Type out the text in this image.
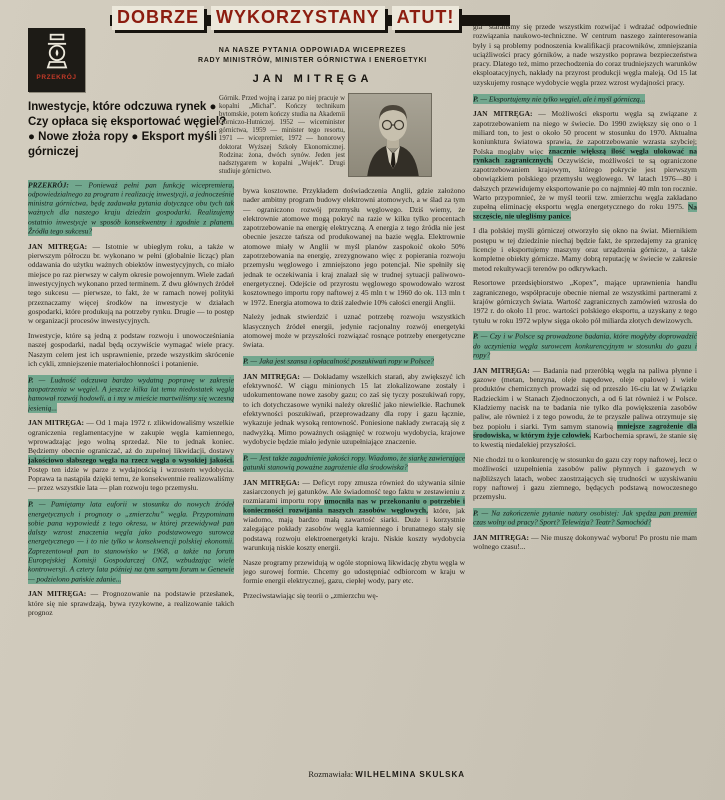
DOBRZE WYKORZYSTANY ATUT!
NA NASZE PYTANIA ODPOWIADA WICEPREZES
RADY MINISTRÓW, MINISTER GÓRNICTWA I ENERGETYKI
JAN MITRĘGA
PRZEKRÓJ
Górnik. Przed wojną i zaraz po niej pracuje w kopalni „Michał”. Kończy technikum bytomskie, potem kończy studia na Akademii Górniczo-Hutniczej. 1952 — wiceminister górnictwa, 1959 — minister tego resortu, 1971 — wicepremier, 1972 — honorowy doktorat Wyższej Szkoły Ekonomicznej. Rodzina: żona, dwóch synów. Jeden jest nadsztygarem w kopalni „Wujek”. Drugi studiuje górnictwo.

Inwestycje, które odczuwa rynek ● Czy opłaca się eksportować węgiel? ● Nowe złoża ropy ● Eksport myśli górniczej

PRZEKRÓJ: — Ponieważ pełni pan funkcję wicepremiera, odpowiedzialnego za program i realizację inwestycji, a jednocześnie ministra górnictwa, będę zadawała pytania dotyczące obu tych tak ważnych dla naszego kraju dziedzin gospodarki. Realizujemy ostatnio inwestycje w sposób konsekwentny i zgodnie z planem. Źródła tego sukcesu?

JAN MITRĘGA: — Istotnie w ubiegłym roku, a także w pierwszym półroczu br. wykonano w pełni (globalnie licząc) plan oddawania do użytku ważnych obiektów inwestycyjnych, co miało miejsce po raz pierwszy w całym okresie powojennym. Wiele zadań inwestycyjnych wykonano przed terminem. Z dwu głównych źródeł tego sukcesu — pierwsze, to fakt, że w ramach nowej polityki przeznaczamy więcej środków na inwestycje w działach gospodarki, które produkują na potrzeby rynku. Drugie — to postęp w organizacji procesów inwestycyjnych.

Inwestycje, które są jedną z podstaw rozwoju i unowocześniania naszej gospodarki, nadal będą oczywiście wymagać wiele pracy. Naszym celem jest ich usprawnienie, przede wszystkim skrócenie ich cykli, zmniejszenie materiałochłonności i potanienie.

P. — Ludność odczuwa bardzo wydatną poprawę w zakresie zaopatrzenia w węgiel. A jeszcze kilka lat temu niedostatek węgla hamował rozwój hodowli, a i my w mieście martwiliśmy się wczesną jesienią...

JAN MITRĘGA: — Od 1 maja 1972 r. zlikwidowaliśmy wszelkie ograniczenia reglamentacyjne w zakupie węgla kamiennego, wprowadzając jego wolną sprzedaż. Nie to jednak koniec. Będziemy obecnie ograniczać, aż do zupełnej likwidacji, dostawy jakościowo słabszego węgla na rzecz węgla o wysokiej jakości. Postęp ten idzie w parze z wydajnością i wzrostem wydobycia. Poprawa ta nastąpiła dzięki temu, że konsekwentnie realizowaliśmy — przez wszystkie lata — plan rozwoju tego przemysłu.

P. — Pamiętamy lata euforii w stosunku do nowych źródeł energetycznych i prognozy o „zmierzchu” węgla. Przypominam sobie pana wypowiedź z tego okresu, w której przewidywał pan dalszy wzrost znaczenia węgla jako podstawowego surowca energetycznego — i to nie tylko w konsekwencji polskiej ekonomii. Zaprezentował pan to stanowisko w 1968, a także na forum Europejskiej Komisji Gospodarczej ONZ, wzbudzając wiele kontrowersji. A cztery lata później na tym samym forum w Genewie — podzielono pańskie zdanie...

JAN MITRĘGA: — Prognozowanie na podstawie przesłanek, które się nie sprawdzają, bywa ryzykowne, a realizowanie takich prognoz

bywa kosztowne. Przykładem doświadczenia Anglii, gdzie założono nader ambitny program budowy elektrowni atomowych, a w ślad za tym — ograniczono rozwój przemysłu węglowego. Dziś wiemy, że elektrownie atomowe mogą pokryć na razie w kilku tylko procentach zapotrzebowanie na energię elektryczną. A energia z tego źródła nie jest obecnie jeszcze tańsza od produkowanej na bazie węgla. Elektrownie atomowe miały w Anglii w myśl planów zaspokoić około 50% zapotrzebowania na energię, zrezygnowano więc z popierania rozwoju przemysłu węglowego i zmniejszono jego potencjał. Nie spełniły się jednak te oczekiwania i kraj znalazł się w trudnej sytuacji paliwowo-energetycznej. Odejście od przyrostu węglowego spowodowało wzrost kosztownego importu ropy naftowej z 45 mln t w 1960 do ok. 113 mln t w 1972. Energia atomowa to dziś zaledwie 10% całości energii Anglii.

Należy jednak stwierdzić i uznać potrzebę rozwoju wszystkich klasycznych źródeł energii, jedynie racjonalny rozwój energetyki atomowej może w przyszłości rozwiązać rosnące potrzeby energetyczne świata.

P. — Jaka jest szansa i opłacalność poszukiwań ropy w Polsce?

JAN MITRĘGA: — Dokładamy wszelkich starań, aby zwiększyć ich efektywność. W ciągu minionych 15 lat zlokalizowane zostały i udokumentowane nowe zasoby gazu; co zaś się tyczy poszukiwań ropy, to ich dotychczasowe wyniki należy określić jako niewielkie. Rachunek efektywności poszukiwań, przeprowadzany dla ropy i gazu łącznie, wykazuje jednak wysoką rentowność. Poniesione nakłady zwracają się z nadwyżką. Mimo poważnych osiągnięć w rozwoju wydobycia, krajowe wydobycie będzie miało jedynie uzupełniające znaczenie.

P. — Jest także zagadnienie jakości ropy. Wiadomo, że siarkę zawierające gatunki stanowią poważne zagrożenie dla środowiska?

JAN MITRĘGA: — Deficyt ropy zmusza również do używania silnie zasiarczonych jej gatunków. Ale świadomość tego faktu w zestawieniu z rozmiarami importu ropy umocniła nas w przekonaniu o potrzebie i konieczności rozwijania naszych zasobów węglowych, które, jak wiadomo, mają bardzo małą zawartość siarki. Duże i korzystnie zalegające pokłady zasobów węgla kamiennego i brunatnego stały się podstawą rozwoju elektroenergetyki kraju. Niskie koszty wydobycia warunkują niskie koszty energii.

Nasze programy przewidują w ogóle stopniową likwidację zbytu węgla w jego surowej formie. Chcemy go udostępniać odbiorcom w kraju w formie energii elektrycznej, gazu, ciepłej wody, pary etc.

Przeciwstawiając się teorii o „zmierzchu wę-

gla” staraliśmy się przede wszystkim rozwijać i wdrażać odpowiednie rozwiązania naukowo-techniczne. W centrum naszego zainteresowania były i są problemy podnoszenia kwalifikacji pracowników, zmniejszania uciążliwości pracy górników, a nade wszystko poprawa bezpieczeństwa pracy. Dlatego też, mimo przechodzenia do coraz trudniejszych warunków eksploatacyjnych, nakłady na przyrost produkcji węgla maleją. Od 15 lat uzyskujemy rosnące wydobycie węgla przez wzrost wydajności pracy.

P. — Eksportujemy nie tylko węgiel, ale i myśl górniczą...

JAN MITRĘGA: — Możliwości eksportu węgla są związane z zapotrzebowaniem na niego w świecie. Do 1990 zwiększy się ono o 1 miliard ton, to jest o około 50 procent w stosunku do 1970. Aktualna koniunktura światowa sprawia, że zapotrzebowanie wzrasta szybciej; Polska mogłaby więc znacznie większą ilość węgla ulokować na rynkach zagranicznych. Oczywiście, możliwości te są ograniczone zapotrzebowaniem krajowym, którego pokrycie jest pierwszym obowiązkiem polskiego przemysłu węglowego. W latach 1976—80 i dalszych przewidujemy eksportowanie po co najmniej 40 mln ton rocznie. Warto przypomnieć, że w myśl teorii tzw. zmierzchu węgla zakładano zupełną eliminację eksportu węgla energetycznego do roku 1975. Na szczęście, nie ulegliśmy panice.

I dla polskiej myśli górniczej otworzyło się okno na świat. Miernikiem postępu w tej dziedzinie niechaj będzie fakt, że sprzedajemy za granicę licencje i eksportujemy maszyny oraz urządzenia górnicze, a także kompletne obiekty górnicze. Mamy dobrą reputację w świecie w zakresie metod rekultywacji terenów po odkrywkach.

Resortowe przedsiębiorstwo „Kopex”, mające uprawnienia handlu zagranicznego, współpracuje obecnie niemal ze wszystkimi partnerami z krajów górniczych świata. Wartość zagranicznych zamówień wzrosła do 1972 r. do około 11 proc. wartości polskiego eksportu, a uzyskany z tego tytułu w roku 1972 wpływ sięga około pół miliarda złotych dewizowych.

P. — Czy i w Polsce są prowadzone badania, które mogłyby doprowadzić do uczynienia węgla surowcem konkurencyjnym w stosunku do gazu i ropy?

JAN MITRĘGA: — Badania nad przeróbką węgla na paliwa płynne i gazowe (metan, benzyna, oleje napędowe, oleje opałowe) i wiele produktów chemicznych prowadzi się od przeszło 16-ciu lat w Związku Radzieckim i w Stanach Zjednoczonych, a od 6 lat również i w Polsce. Kładziemy nacisk na te badania nie tylko dla powiększenia zasobów paliw, ale również i z tego powodu, że te przyszłe paliwa otrzymuje się bez popiołu i siarki. Tym samym stanowią mniejsze zagrożenie dla środowiska, w którym żyje człowiek. Karbochemia sprawi, że stanie się to kwestią niedalekiej przyszłości.

Nie chodzi tu o konkurencję w stosunku do gazu czy ropy naftowej, lecz o możliwości uzupełnienia zasobów paliw płynnych i gazowych w najbliższych latach, wobec zaostrzających się trudności w uzyskiwaniu ropy naftowej i gazu ziemnego, będących podstawą nowoczesnego przemysłu.

P. — Na zakończenie pytanie natury osobistej: Jak spędza pan premier czas wolny od pracy? Sport? Telewizja? Teatr? Samochód?

JAN MITRĘGA: — Nie muszę dokonywać wyboru! Po prostu nie mam wolnego czasu!...

Rozmawiała: WILHELMINA SKULSKA
